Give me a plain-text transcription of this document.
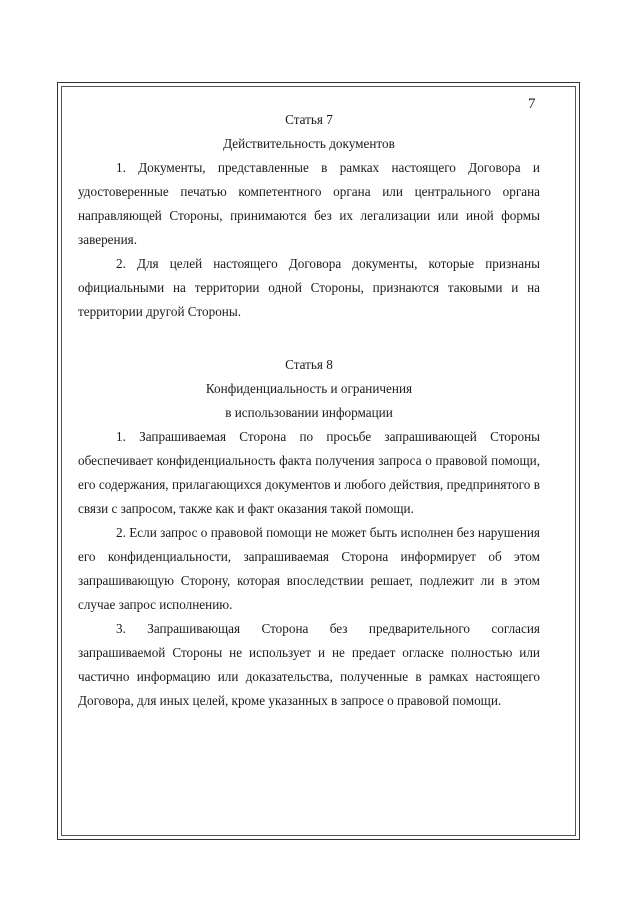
7

Статья 7

Действительность документов

1. Документы, представленные в рамках настоящего Договора и удостоверенные печатью компетентного органа или центрального органа направляющей Стороны, принимаются без их легализации или иной формы заверения.

2. Для целей настоящего Договора документы, которые признаны официальными на территории одной Стороны, признаются таковыми и на территории другой Стороны.

Статья 8

Конфиденциальность и ограничения

в использовании информации

1. Запрашиваемая Сторона по просьбе запрашивающей Стороны обеспечивает конфиденциальность факта получения запроса о правовой помощи, его содержания, прилагающихся документов и любого действия, предпринятого в связи с запросом, также как и факт оказания такой помощи.

2. Если запрос о правовой помощи не может быть исполнен без нарушения его конфиденциальности, запрашиваемая Сторона информирует об этом запрашивающую Сторону, которая впоследствии решает, подлежит ли в этом случае запрос исполнению.

3. Запрашивающая Сторона без предварительного согласия запрашиваемой Стороны не использует и не предает огласке полностью или частично информацию или доказательства, полученные в рамках настоящего Договора, для иных целей, кроме указанных в запросе о правовой помощи.
